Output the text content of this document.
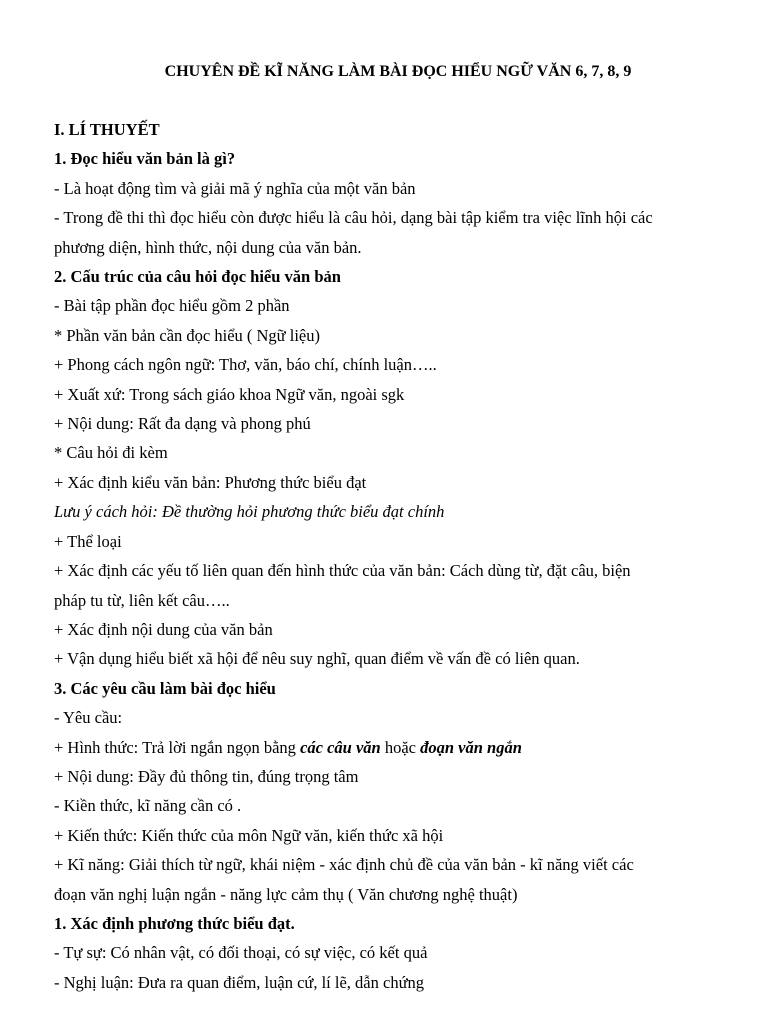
CHUYÊN ĐỀ KĨ NĂNG LÀM BÀI ĐỌC HIỂU NGỮ VĂN 6, 7, 8, 9
I. LÍ THUYẾT
1. Đọc hiểu văn bản là gì?
- Là hoạt động tìm và giải mã ý nghĩa của một văn bản
- Trong đề thi thì đọc hiểu còn được hiểu là câu hỏi, dạng bài tập kiểm tra việc lĩnh hội các
phương diện, hình thức, nội dung của văn bản.
2. Cấu trúc của câu hỏi đọc hiểu văn bản
- Bài tập phần đọc hiểu gồm 2 phần
* Phần văn bản cần đọc hiểu ( Ngữ liệu)
+ Phong cách ngôn ngữ: Thơ, văn, báo chí, chính luận…..
+ Xuất xứ: Trong sách giáo khoa Ngữ văn, ngoài sgk
+ Nội dung: Rất đa dạng và phong phú
* Câu hỏi đi kèm
+ Xác định kiểu văn bản: Phương thức biểu đạt
Lưu ý cách hỏi: Đề thường hỏi phương thức biểu đạt chính
+ Thể loại
+ Xác định các yếu tố liên quan đến hình thức của văn bản: Cách dùng từ, đặt câu, biện
pháp tu từ, liên kết câu…..
+ Xác định nội dung của văn bản
+ Vận dụng hiểu biết xã hội để nêu suy nghĩ, quan điểm về vấn đề có liên quan.
3. Các yêu cầu làm bài đọc hiểu
- Yêu cầu:
+ Hình thức: Trả lời ngắn ngọn bằng các câu văn hoặc đoạn văn ngắn
+ Nội dung: Đầy đủ thông tin, đúng trọng tâm
- Kiền thức, kĩ năng cần có .
+ Kiến thức: Kiến thức của môn Ngữ văn, kiến thức xã hội
+ Kĩ năng: Giải thích từ ngữ, khái niệm - xác định chủ đề của văn bản - kĩ năng viết các
đoạn văn nghị luận ngắn - năng lực cảm thụ ( Văn chương nghệ thuật)
1. Xác định phương thức biểu đạt.
- Tự sự: Có nhân vật, có đối thoại, có sự việc, có kết quả
- Nghị luận: Đưa ra quan điểm, luận cứ, lí lẽ, dẫn chứng
